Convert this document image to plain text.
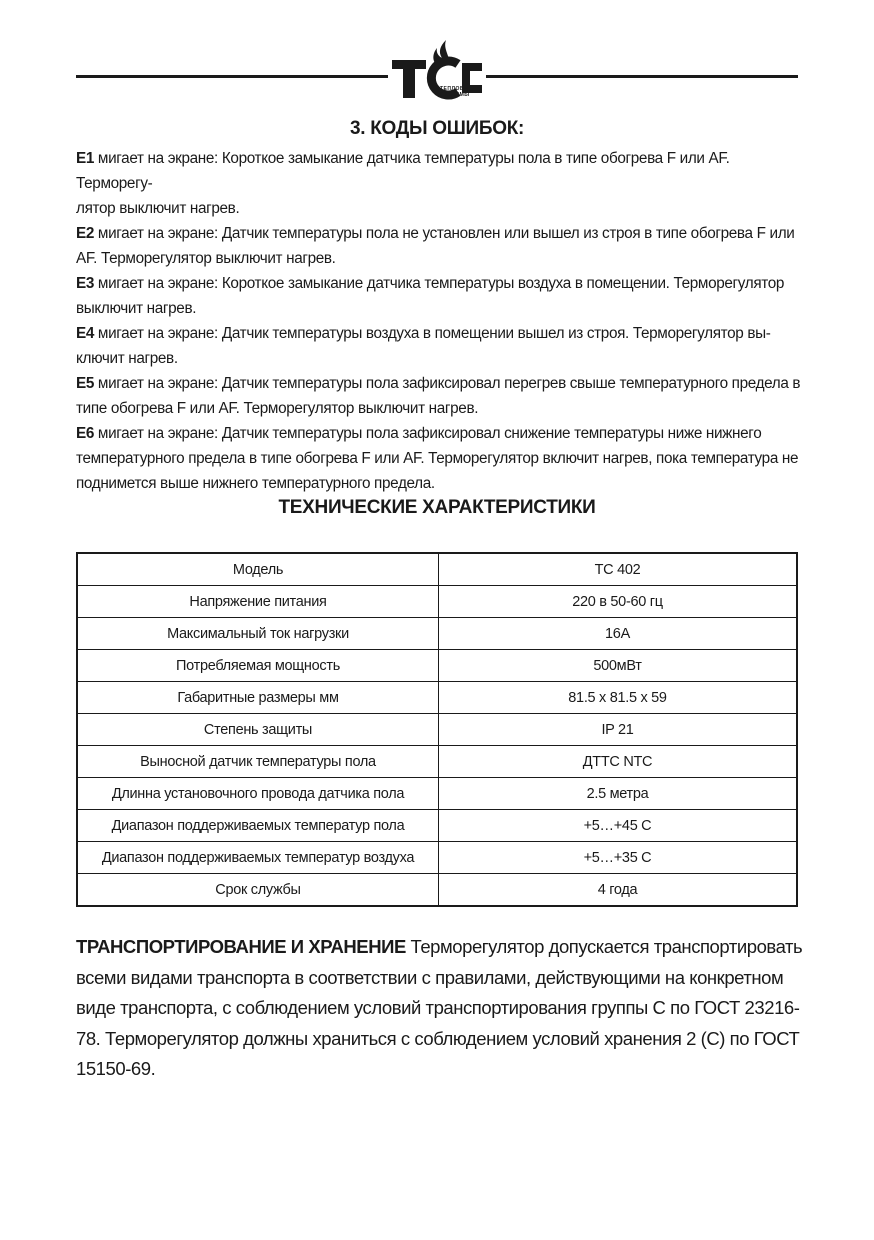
ТЕПЛОВЫЕ
СИСТЕМЫ
3. КОДЫ ОШИБОК:
E1 мигает на экране: Короткое замыкание датчика температуры пола в типе обогрева F или AF. Терморегу-
лятор выключит нагрев.
E2 мигает на экране: Датчик температуры пола не установлен или вышел из строя в типе обогрева F или
AF. Терморегулятор выключит нагрев.
E3 мигает на экране: Короткое замыкание датчика температуры воздуха в помещении. Терморегулятор
выключит нагрев.
E4 мигает на экране: Датчик температуры воздуха в помещении вышел из строя. Терморегулятор вы-
ключит нагрев.
E5 мигает на экране: Датчик температуры пола зафиксировал перегрев свыше температурного предела в
типе обогрева F или AF. Терморегулятор выключит нагрев.
E6 мигает на экране: Датчик температуры пола зафиксировал снижение температуры ниже нижнего
температурного предела в типе обогрева F или AF. Терморегулятор включит нагрев, пока температура не
поднимется выше нижнего температурного предела.
ТЕХНИЧЕСКИЕ ХАРАКТЕРИСТИКИ
Модель	ТС 402
Напряжение питания	220 в 50-60 гц
Максимальный ток нагрузки	16А
Потребляемая мощность	500мВт
Габаритные размеры мм	81.5 х 81.5 х 59
Степень защиты	IP 21
Выносной датчик температуры пола	ДТТС NTC
Длинна установочного провода датчика пола	2.5 метра
Диапазон поддерживаемых температур пола	+5…+45 С
Диапазон поддерживаемых температур воздуха	+5…+35 С
Срок службы	4 года
ТРАНСПОРТИРОВАНИЕ И ХРАНЕНИЕ Терморегулятор допускается транспортировать
всеми видами транспорта в соответствии с правилами, действующими на конкретном
виде транспорта, с соблюдением условий транспортирования группы С по ГОСТ 23216-
78. Терморегулятор должны храниться с соблюдением условий хранения 2 (С) по ГОСТ
15150-69.
